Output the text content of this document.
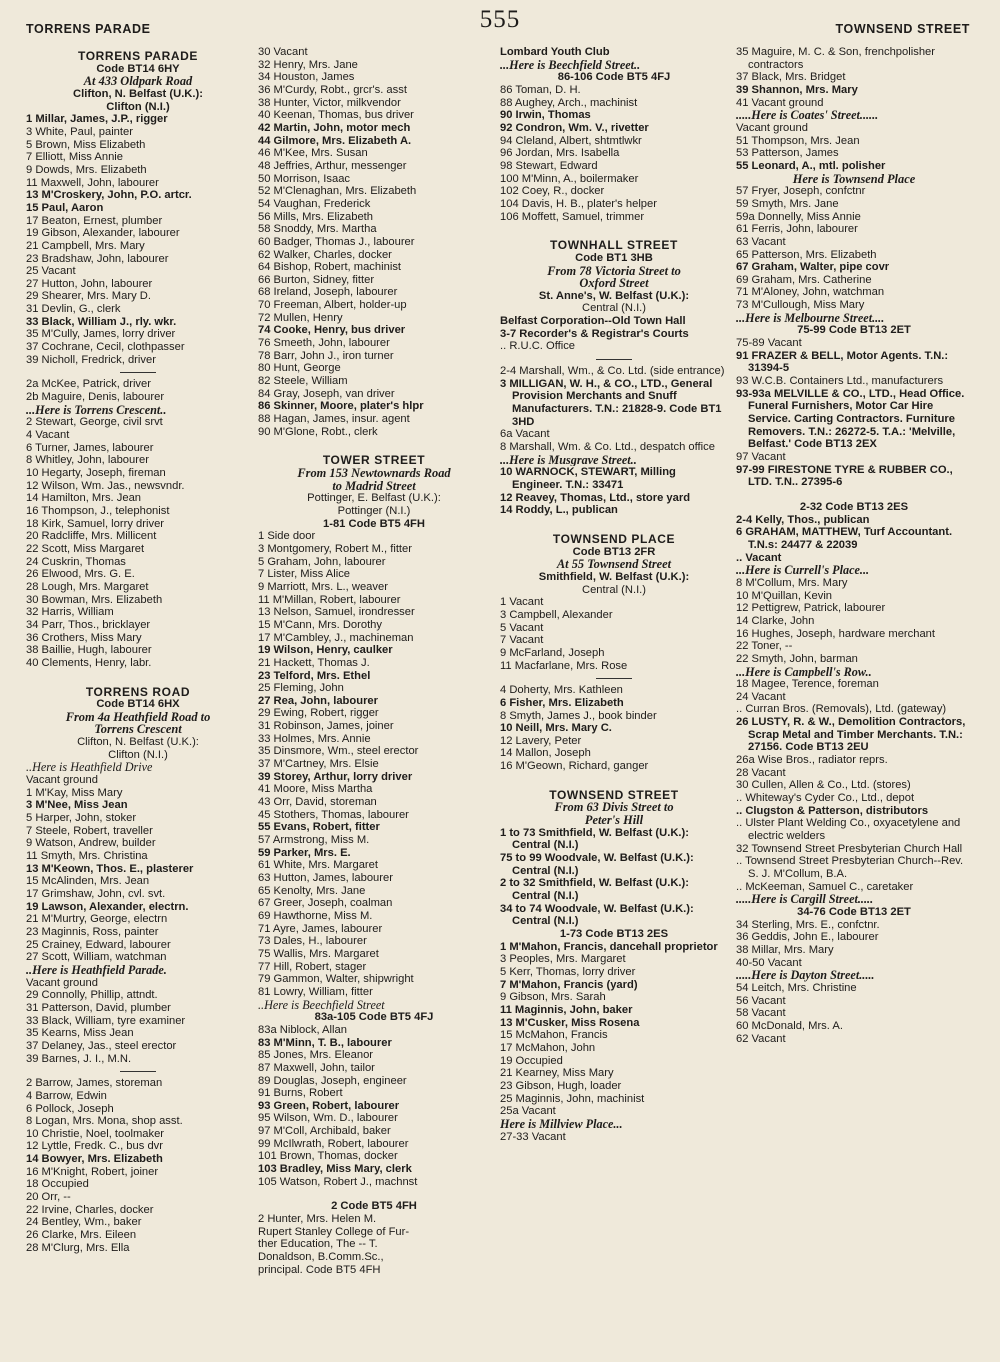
TORRENS PARADE	555	TOWNSEND STREET
TORRENS PARADE
Code BT14 6HY
At 433 Oldpark Road
Clifton, N. Belfast (U.K.):
Clifton (N.I.)
1 Millar, James, J.P., rigger
3 White, Paul, painter
5 Brown, Miss Elizabeth
7 Elliott, Miss Annie
9 Dowds, Mrs. Elizabeth
11 Maxwell, John, labourer
13 M'Croskery, John, P.O. artcr.
15 Paul, Aaron
17 Beaton, Ernest, plumber
19 Gibson, Alexander, labourer
21 Campbell, Mrs. Mary
23 Bradshaw, John, labourer
25 Vacant
27 Hutton, John, labourer
29 Shearer, Mrs. Mary D.
31 Devlin, G., clerk
33 Black, William J., rly. wkr.
35 M'Cully, James, lorry driver
37 Cochrane, Cecil, clothpasser
39 Nicholl, Fredrick, driver
2a McKee, Patrick, driver
2b Maguire, Denis, labourer
...Here is Torrens Crescent..
2 Stewart, George, civil srvt
4 Vacant
6 Turner, James, labourer
8 Whitley, John, labourer
10 Hegarty, Joseph, fireman
12 Wilson, Wm. Jas., newsvndr.
14 Hamilton, Mrs. Jean
16 Thompson, J., telephonist
18 Kirk, Samuel, lorry driver
20 Radcliffe, Mrs. Millicent
22 Scott, Miss Margaret
24 Cuskrin, Thomas
26 Elwood, Mrs. G. E.
28 Lough, Mrs. Margaret
30 Bowman, Mrs. Elizabeth
32 Harris, William
34 Parr, Thos., bricklayer
36 Crothers, Miss Mary
38 Baillie, Hugh, labourer
40 Clements, Henry, labr.
TORRENS ROAD
Code BT14 6HX
From 4a Heathfield Road to
Torrens Crescent
Clifton, N. Belfast (U.K.):
Clifton (N.I.)
..Here is Heathfield Drive
Vacant ground
1 M'Kay, Miss Mary
3 M'Nee, Miss Jean
5 Harper, John, stoker
7 Steele, Robert, traveller
9 Watson, Andrew, builder
11 Smyth, Mrs. Christina
13 M'Keown, Thos. E., plasterer
15 McAlinden, Mrs. Jean
17 Grimshaw, John, cvl. svt.
19 Lawson, Alexander, electrn.
21 M'Murtry, George, electrn
23 Maginnis, Ross, painter
25 Crainey, Edward, labourer
27 Scott, William, watchman
..Here is Heathfield Parade.
Vacant ground
29 Connolly, Phillip, attndt.
31 Patterson, David, plumber
33 Black, William, tyre examiner
35 Kearns, Miss Jean
37 Delaney, Jas., steel erector
39 Barnes, J. I., M.N.
2 Barrow, James, storeman
4 Barrow, Edwin
6 Pollock, Joseph
8 Logan, Mrs. Mona, shop asst.
10 Christie, Noel, toolmaker
12 Lyttle, Fredk. C., bus dvr
14 Bowyer, Mrs. Elizabeth
16 M'Knight, Robert, joiner
18 Occupied
20 Orr, --
22 Irvine, Charles, docker
24 Bentley, Wm., baker
26 Clarke, Mrs. Eileen
28 M'Clurg, Mrs. Ella
30 Vacant
32 Henry, Mrs. Jane
34 Houston, James
36 M'Curdy, Robt., grcr's. asst
38 Hunter, Victor, milkvendor
40 Keenan, Thomas, bus driver
42 Martin, John, motor mech
44 Gilmore, Mrs. Elizabeth A.
46 M'Kee, Mrs. Susan
48 Jeffries, Arthur, messenger
50 Morrison, Isaac
52 M'Clenaghan, Mrs. Elizabeth
54 Vaughan, Frederick
56 Mills, Mrs. Elizabeth
58 Snoddy, Mrs. Martha
60 Badger, Thomas J., labourer
62 Walker, Charles, docker
64 Bishop, Robert, machinist
66 Burton, Sidney, fitter
68 Ireland, Joseph, labourer
70 Freeman, Albert, holder-up
72 Mullen, Henry
74 Cooke, Henry, bus driver
76 Smeeth, John, labourer
78 Barr, John J., iron turner
80 Hunt, George
82 Steele, William
84 Gray, Joseph, van driver
86 Skinner, Moore, plater's hlpr
88 Hagan, James, insur. agent
90 M'Glone, Robt., clerk
TOWER STREET
From 153 Newtownards Road
to Madrid Street
Pottinger, E. Belfast (U.K.):
Pottinger (N.I.)
1-81 Code BT5 4FH
1 Side door
3 Montgomery, Robert M., fitter
5 Graham, John, labourer
7 Lister, Miss Alice
9 Marriott, Mrs. L., weaver
11 M'Millan, Robert, labourer
13 Nelson, Samuel, irondresser
15 M'Cann, Mrs. Dorothy
17 M'Cambley, J., machineman
19 Wilson, Henry, caulker
21 Hackett, Thomas J.
23 Telford, Mrs. Ethel
25 Fleming, John
27 Rea, John, labourer
29 Ewing, Robert, rigger
31 Robinson, James, joiner
33 Holmes, Mrs. Annie
35 Dinsmore, Wm., steel erector
37 M'Cartney, Mrs. Elsie
39 Storey, Arthur, lorry driver
41 Moore, Miss Martha
43 Orr, David, storeman
45 Stothers, Thomas, labourer
55 Evans, Robert, fitter
57 Armstrong, Miss M.
59 Parker, Mrs. E.
61 White, Mrs. Margaret
63 Hutton, James, labourer
65 Kenolty, Mrs. Jane
67 Greer, Joseph, coalman
69 Hawthorne, Miss M.
71 Ayre, James, labourer
73 Dales, H., labourer
75 Wallis, Mrs. Margaret
77 Hill, Robert, stager
79 Gammon, Walter, shipwright
81 Lowry, William, fitter
..Here is Beechfield Street
83a-105 Code BT5 4FJ
83a Niblock, Allan
83 M'Minn, T. B., labourer
85 Jones, Mrs. Eleanor
87 Maxwell, John, tailor
89 Douglas, Joseph, engineer
91 Burns, Robert
93 Green, Robert, labourer
95 Wilson, Wm. D., labourer
97 M'Coll, Archibald, baker
99 McIlwrath, Robert, labourer
101 Brown, Thomas, docker
103 Bradley, Miss Mary, clerk
105 Watson, Robert J., machnst
2 Code BT5 4FH
2 Hunter, Mrs. Helen M.
Rupert Stanley College of Fur-
ther Education, The -- T.
Donaldson, B.Comm.Sc.,
principal. Code BT5 4FH
Lombard Youth Club
...Here is Beechfield Street..
86-106 Code BT5 4FJ
86 Toman, D. H.
88 Aughey, Arch., machinist
90 Irwin, Thomas
92 Condron, Wm. V., rivetter
94 Cleland, Albert, shtmtlwkr
96 Jordan, Mrs. Isabella
98 Stewart, Edward
100 M'Minn, A., boilermaker
102 Coey, R., docker
104 Davis, H. B., plater's helper
106 Moffett, Samuel, trimmer
TOWNHALL STREET
Code BT1 3HB
From 78 Victoria Street to
Oxford Street
St. Anne's, W. Belfast (U.K.):
Central (N.I.)
Belfast Corporation--Old Town Hall
3-7 Recorder's & Registrar's Courts
.. R.U.C. Office
2-4 Marshall, Wm., & Co. Ltd. (side entrance)
3 MILLIGAN, W. H., & CO., LTD., General Provision Merchants and Snuff Manufacturers. T.N.: 21828-9. Code BT1 3HD
6a Vacant
8 Marshall, Wm. & Co. Ltd., despatch office
...Here is Musgrave Street..
10 WARNOCK, STEWART, Milling Engineer. T.N.: 33471
12 Reavey, Thomas, Ltd., store yard
14 Roddy, L., publican
TOWNSEND PLACE
Code BT13 2FR
At 55 Townsend Street
Smithfield, W. Belfast (U.K.):
Central (N.I.)
1 Vacant
3 Campbell, Alexander
5 Vacant
7 Vacant
9 McFarland, Joseph
11 Macfarlane, Mrs. Rose
4 Doherty, Mrs. Kathleen
6 Fisher, Mrs. Elizabeth
8 Smyth, James J., book binder
10 Neill, Mrs. Mary C.
12 Lavery, Peter
14 Mallon, Joseph
16 M'Geown, Richard, ganger
TOWNSEND STREET
From 63 Divis Street to
Peter's Hill
1 to 73 Smithfield, W. Belfast (U.K.): Central (N.I.)
75 to 99 Woodvale, W. Belfast (U.K.): Central (N.I.)
2 to 32 Smithfield, W. Belfast (U.K.): Central (N.I.)
34 to 74 Woodvale, W. Belfast (U.K.): Central (N.I.)
1-73 Code BT13 2ES
1 M'Mahon, Francis, dancehall proprietor
3 Peoples, Mrs. Margaret
5 Kerr, Thomas, lorry driver
7 M'Mahon, Francis (yard)
9 Gibson, Mrs. Sarah
11 Maginnis, John, baker
13 M'Cusker, Miss Rosena
15 McMahon, Francis
17 McMahon, John
19 Occupied
21 Kearney, Miss Mary
23 Gibson, Hugh, loader
25 Maginnis, John, machinist
25a Vacant
Here is Millview Place...
27-33 Vacant
35 Maguire, M. C. & Son, frenchpolisher contractors
37 Black, Mrs. Bridget
39 Shannon, Mrs. Mary
41 Vacant ground
.....Here is Coates' Street......
Vacant ground
51 Thompson, Mrs. Jean
53 Patterson, James
55 Leonard, A., mtl. polisher
Here is Townsend Place
57 Fryer, Joseph, confctnr
59 Smyth, Mrs. Jane
59a Donnelly, Miss Annie
61 Ferris, John, labourer
63 Vacant
65 Patterson, Mrs. Elizabeth
67 Graham, Walter, pipe covr
69 Graham, Mrs. Catherine
71 M'Aloney, John, watchman
73 M'Cullough, Miss Mary
...Here is Melbourne Street....
75-99 Code BT13 2ET
75-89 Vacant
91 FRAZER & BELL, Motor Agents. T.N.: 31394-5
93 W.C.B. Containers Ltd., manufacturers
93-93a MELVILLE & CO., LTD., Head Office. Funeral Furnishers, Motor Car Hire Service. Carting Contractors. Furniture Removers. T.N.: 26272-5. T.A.: 'Melville, Belfast.' Code BT13 2EX
97 Vacant
97-99 FIRESTONE TYRE & RUBBER CO., LTD. T.N.. 27395-6
2-32 Code BT13 2ES
2-4 Kelly, Thos., publican
6 GRAHAM, MATTHEW, Turf Accountant. T.N.s: 24477 & 22039
.. Vacant
...Here is Currell's Place...
8 M'Collum, Mrs. Mary
10 M'Quillan, Kevin
12 Pettigrew, Patrick, labourer
14 Clarke, John
16 Hughes, Joseph, hardware merchant
22 Toner, --
22 Smyth, John, barman
...Here is Campbell's Row..
18 Magee, Terence, foreman
24 Vacant
.. Curran Bros. (Removals), Ltd. (gateway)
26 LUSTY, R. & W., Demolition Contractors, Scrap Metal and Timber Merchants. T.N.: 27156. Code BT13 2EU
26a Wise Bros., radiator reprs.
28 Vacant
30 Cullen, Allen & Co., Ltd. (stores)
.. Whiteway's Cyder Co., Ltd., depot
.. Clugston & Patterson, distributors
.. Ulster Plant Welding Co., oxyacetylene and electric welders
32 Townsend Street Presbyterian Church Hall
.. Townsend Street Presbyterian Church--Rev. S. J. M'Collum, B.A.
.. McKeeman, Samuel C., caretaker
.....Here is Cargill Street.....
34-76 Code BT13 2ET
34 Sterling, Mrs. E., confctnr.
36 Geddis, John E., labourer
38 Millar, Mrs. Mary
40-50 Vacant
.....Here is Dayton Street.....
54 Leitch, Mrs. Christine
56 Vacant
58 Vacant
60 McDonald, Mrs. A.
62 Vacant
